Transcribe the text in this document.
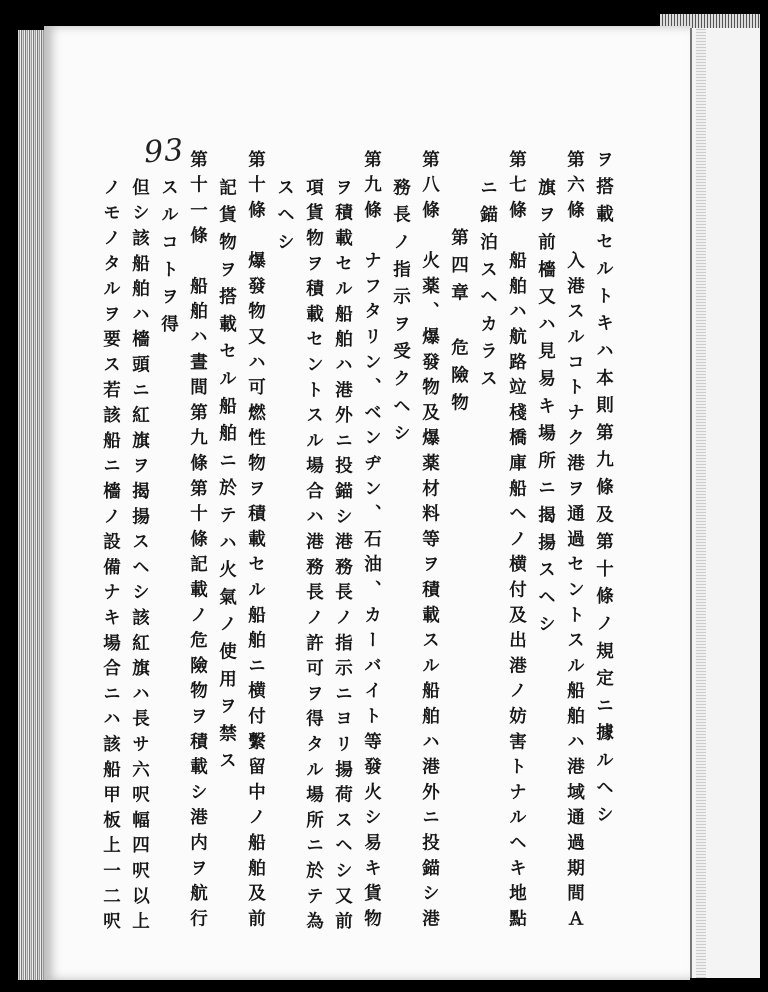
93	ヲ搭載セルトキハ本則第九條及第十條ノ規定ニ據ルヘシ
第六條　入港スルコトナク港ヲ通過セントスル船舶ハ港域通過期間Ａ
旗ヲ前檣又ハ見易キ場所ニ揭揚スヘシ
第七條　船舶ハ航路竝棧橋庫船ヘノ横付及出港ノ妨害トナルヘキ地點
ニ錨泊スヘカラス
第四章　危險物
第八條　火薬、爆發物及爆薬材料等ヲ積載スル船舶ハ港外ニ投錨シ港
務長ノ指示ヲ受クヘシ
第九條　ナフタリン、ベンヂン、石油、カーバイト等發火シ易キ貨物
ヲ積載セル船舶ハ港外ニ投錨シ港務長ノ指示ニヨリ揚荷スヘシ又前
項貨物ヲ積載セントスル場合ハ港務長ノ許可ヲ得タル場所ニ於テ為
スヘシ
第十條　爆發物又ハ可燃性物ヲ積載セル船舶ニ横付繫留中ノ船舶及前
記貨物ヲ搭載セル船舶ニ於テハ火氣ノ使用ヲ禁ス
第十一條　船舶ハ晝間第九條第十條記載ノ危險物ヲ積載シ港内ヲ航行
スルコトヲ得
但シ該船舶ハ檣頭ニ紅旗ヲ揭揚スヘシ該紅旗ハ長サ六呎幅四呎以上
ノモノタルヲ要ス若該船ニ檣ノ設備ナキ場合ニハ該船甲板上一二呎
